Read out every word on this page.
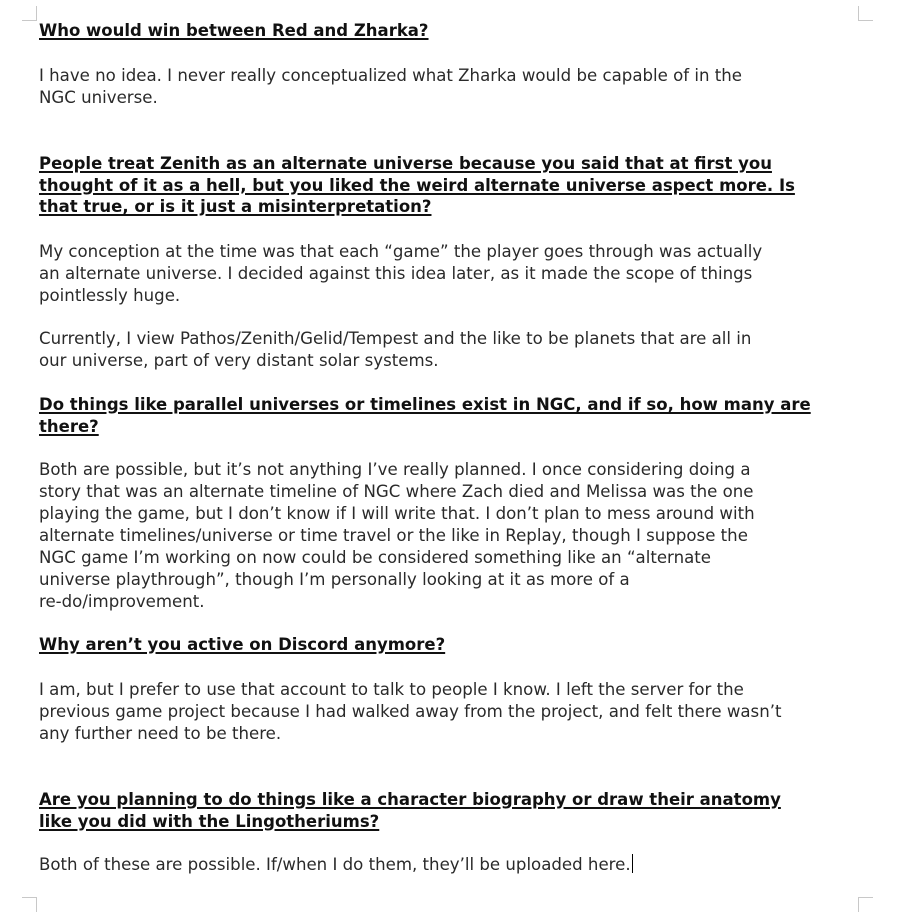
Who would win between Red and Zharka?

I have no idea. I never really conceptualized what Zharka would be capable of in the
NGC universe.

People treat Zenith as an alternate universe because you said that at first you
thought of it as a hell, but you liked the weird alternate universe aspect more. Is
that true, or is it just a misinterpretation?

My conception at the time was that each “game” the player goes through was actually
an alternate universe. I decided against this idea later, as it made the scope of things
pointlessly huge.

Currently, I view Pathos/Zenith/Gelid/Tempest and the like to be planets that are all in
our universe, part of very distant solar systems.

Do things like parallel universes or timelines exist in NGC, and if so, how many are
there?

Both are possible, but it’s not anything I’ve really planned. I once considering doing a
story that was an alternate timeline of NGC where Zach died and Melissa was the one
playing the game, but I don’t know if I will write that. I don’t plan to mess around with
alternate timelines/universe or time travel or the like in Replay, though I suppose the
NGC game I’m working on now could be considered something like an “alternate
universe playthrough”, though I’m personally looking at it as more of a
re-do/improvement.

Why aren’t you active on Discord anymore?

I am, but I prefer to use that account to talk to people I know. I left the server for the
previous game project because I had walked away from the project, and felt there wasn’t
any further need to be there.

Are you planning to do things like a character biography or draw their anatomy
like you did with the Lingotheriums?

Both of these are possible. If/when I do them, they’ll be uploaded here.
